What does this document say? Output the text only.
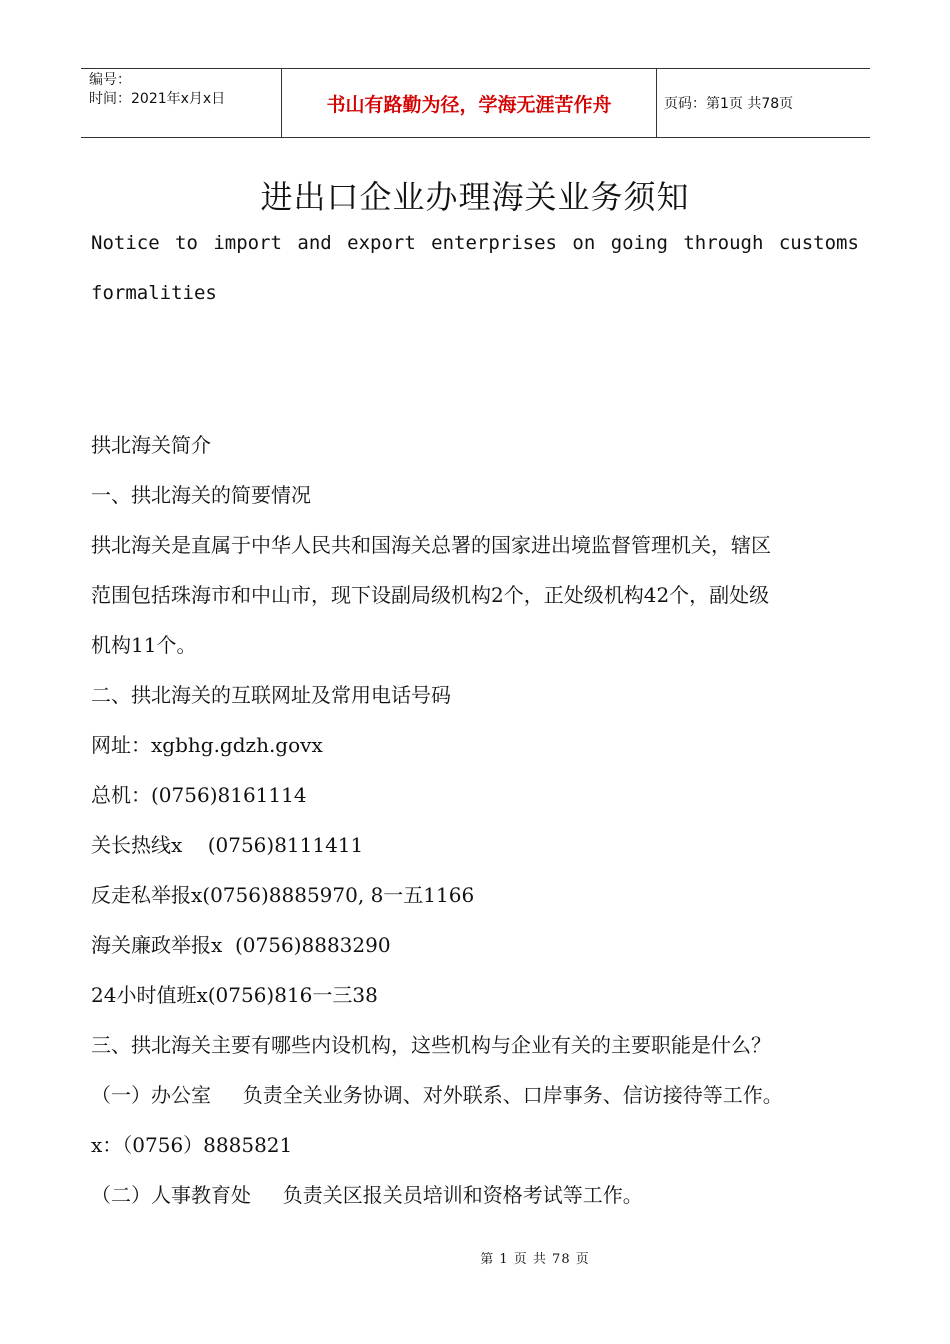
编号：
时间：2021年x月x日	书山有路勤为径，学海无涯苦作舟	页码：第1页 共78页
进出口企业办理海关业务须知
Notice to import and export enterprises on going through customs
formalities
拱北海关简介
一、拱北海关的简要情况
拱北海关是直属于中华人民共和国海关总署的国家进出境监督管理机关，辖区
范围包括珠海市和中山市，现下设副局级机构2个，正处级机构42个，副处级
机构11个。
二、拱北海关的互联网址及常用电话号码
网址：xgbhg.gdzh.govx
总机：(0756)8161114
关长热线x    (0756)8111411
反走私举报x(0756)8885970, 8一五1166
海关廉政举报x  (0756)8883290
24小时值班x(0756)816一三38
三、拱北海关主要有哪些内设机构，这些机构与企业有关的主要职能是什么？
（一）办公室     负责全关业务协调、对外联系、口岸事务、信访接待等工作。
x：（0756）8885821
（二）人事教育处     负责关区报关员培训和资格考试等工作。
第 1 页 共 78 页
